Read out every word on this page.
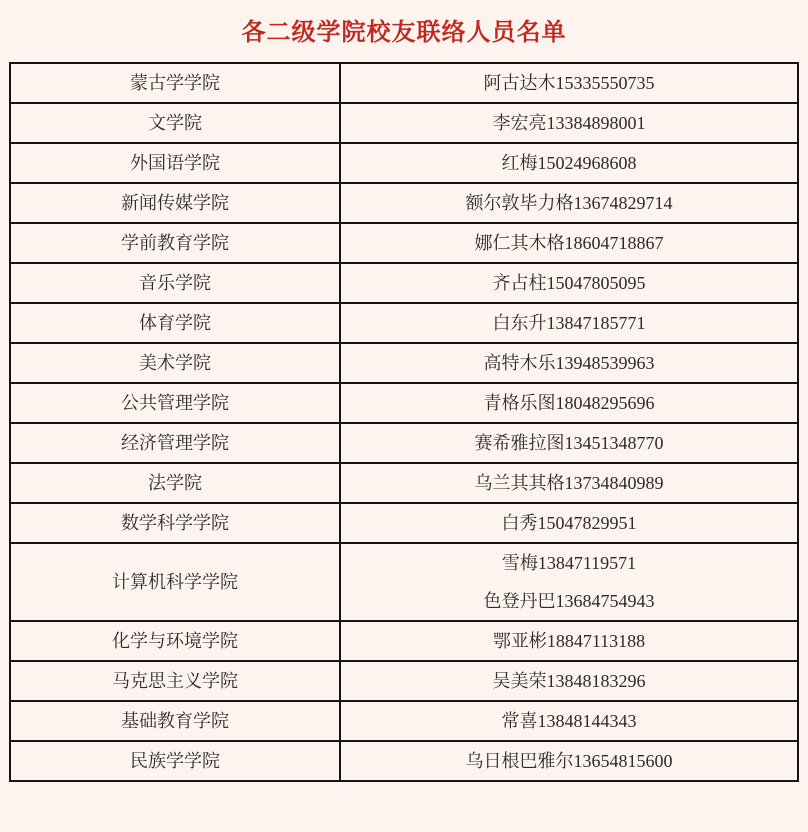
各二级学院校友联络人员名单
蒙古学学院	阿古达木15335550735

文学院	李宏亮13384898001

外国语学院	红梅15024968608

新闻传媒学院	额尔敦毕力格13674829714

学前教育学院	娜仁其木格18604718867

音乐学院	齐占柱15047805095

体育学院	白东升13847185771

美术学院	高特木乐13948539963

公共管理学院	青格乐图18048295696

经济管理学院	赛希雅拉图13451348770

法学院	乌兰其其格13734840989

数学科学学院	白秀15047829951

计算机科学学院	雪梅13847119571
色登丹巴13684754943

化学与环境学院	鄂亚彬18847113188

马克思主义学院	吴美荣13848183296

基础教育学院	常喜13848144343

民族学学院	乌日根巴雅尔13654815600
